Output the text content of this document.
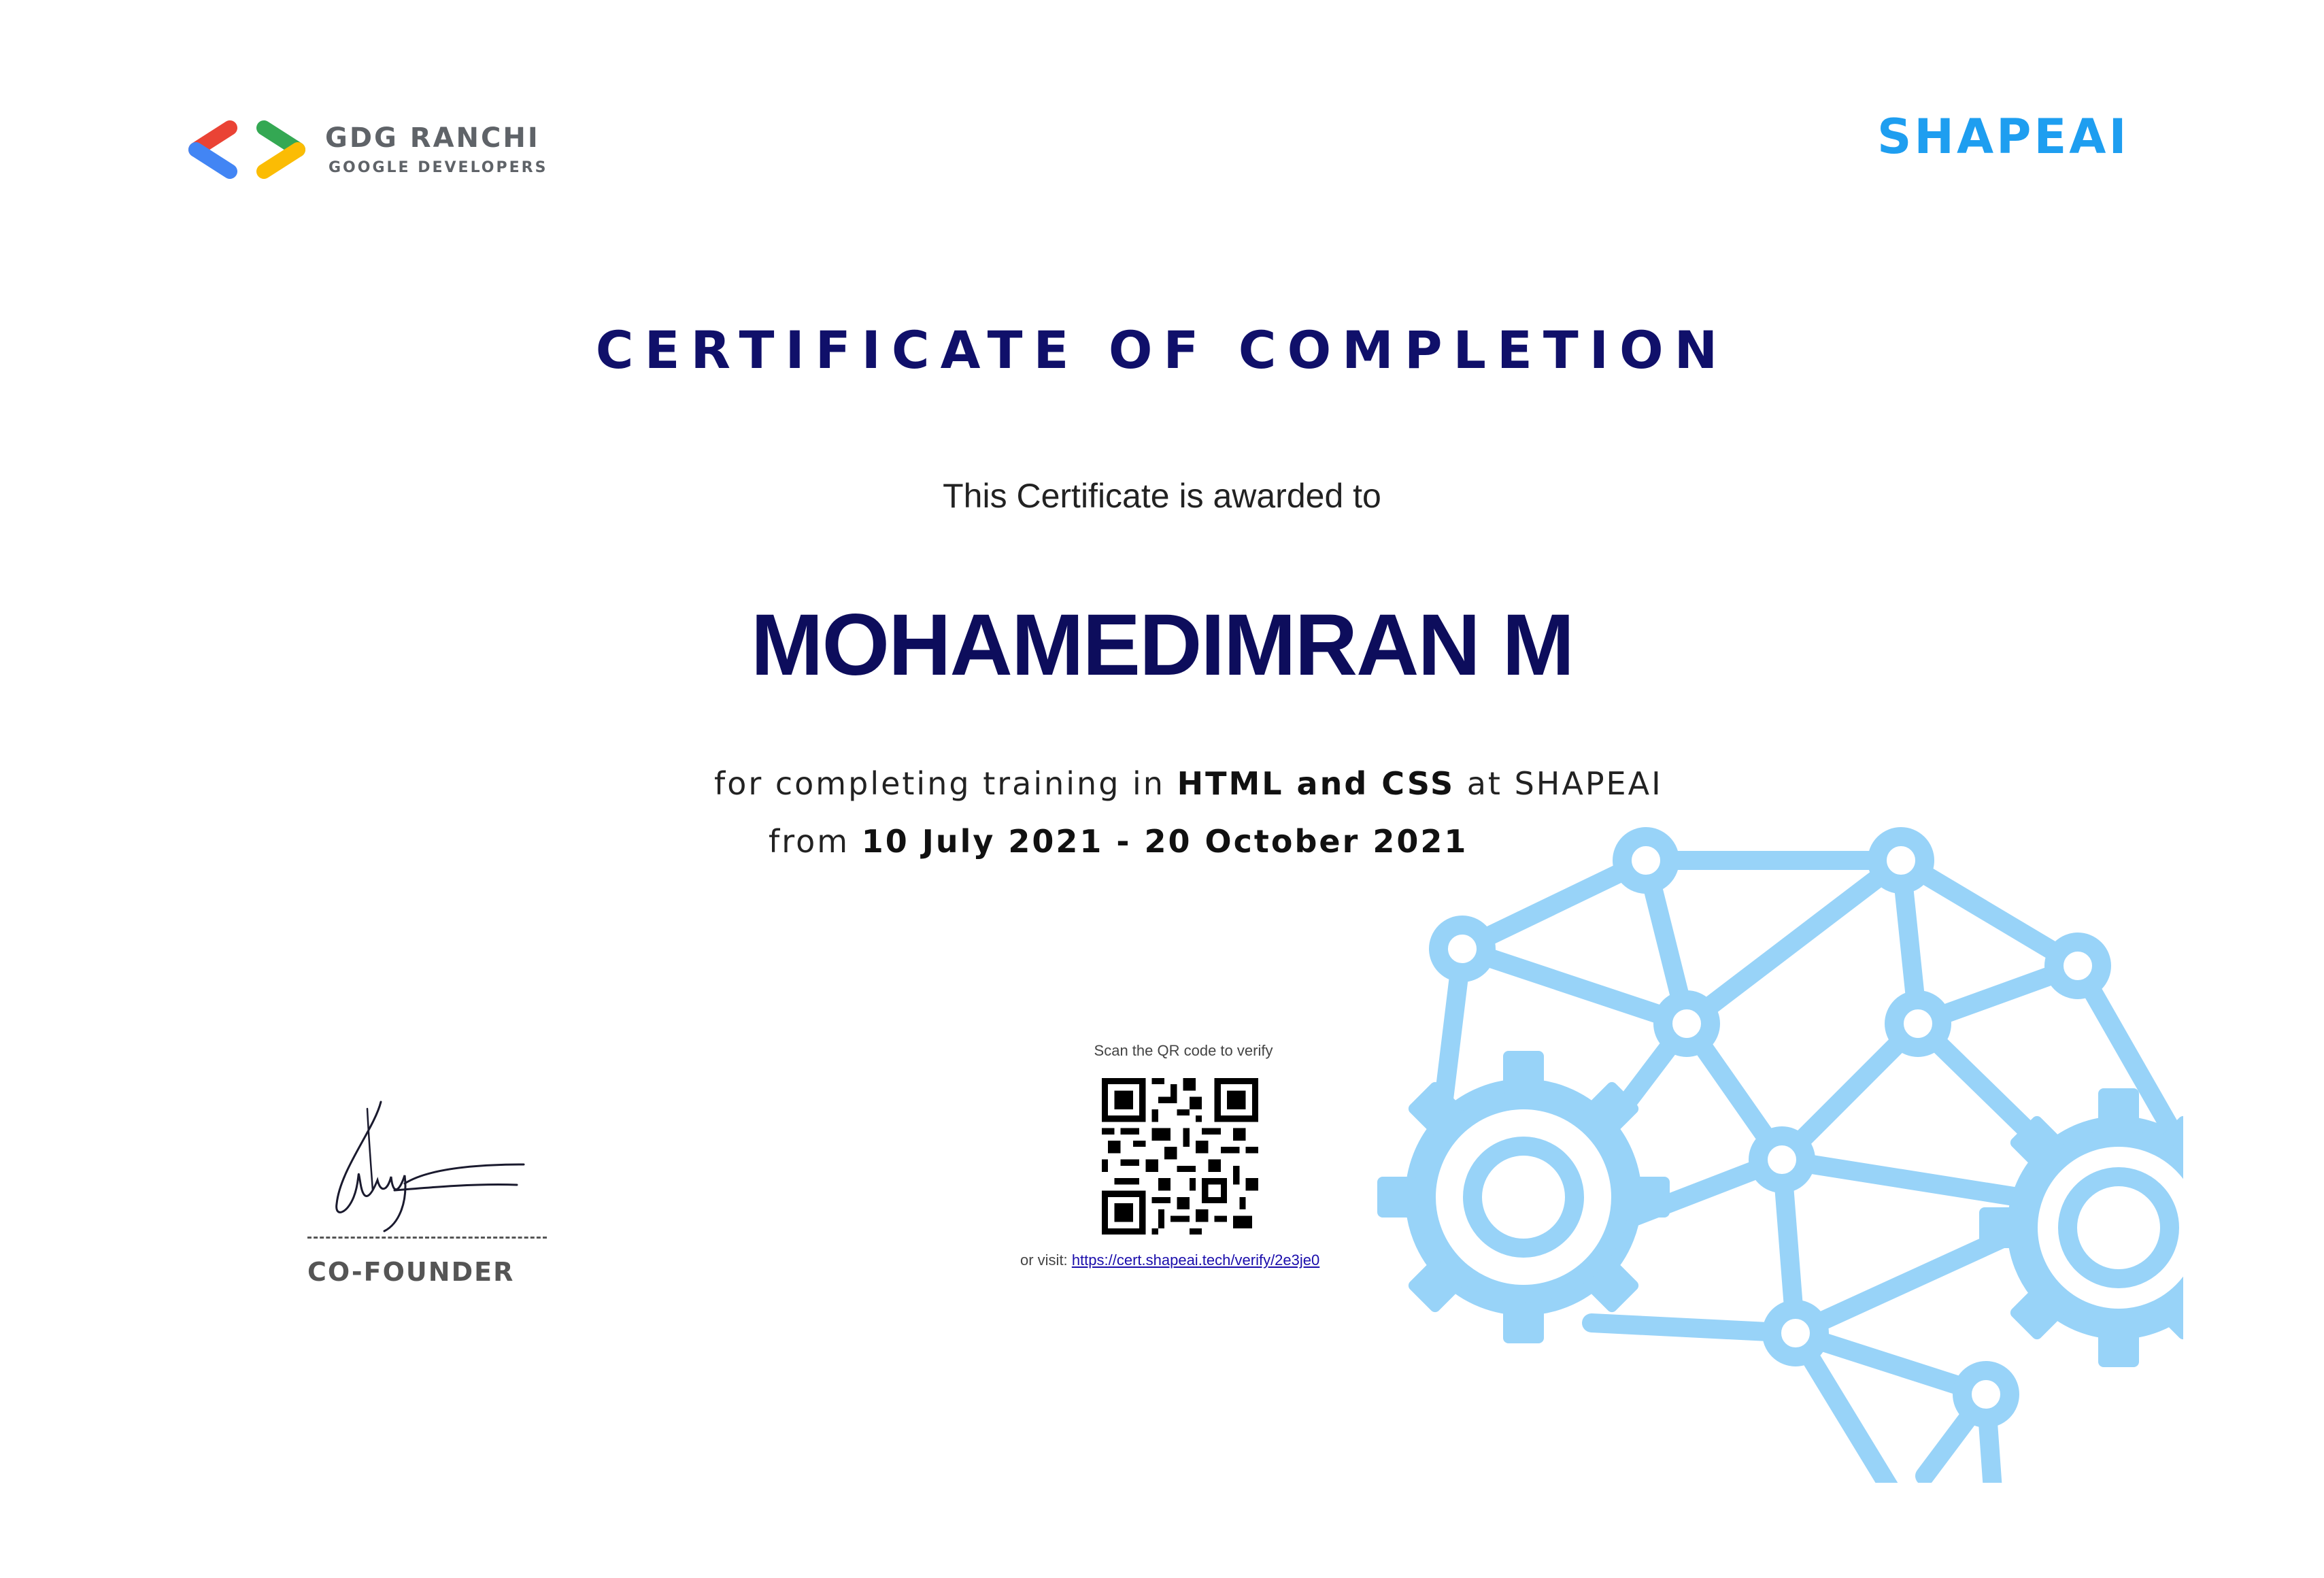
GDG RANCHI
GOOGLE DEVELOPERS
SHAPEAI
CERTIFICATE OF COMPLETION
This Certificate is awarded to
MOHAMEDIMRAN M
for completing training in HTML and CSS at SHAPEAI
from 10 July 2021 - 20 October 2021
Scan the QR code to verify
or visit: https://cert.shapeai.tech/verify/2e3je0
CO-FOUNDER
